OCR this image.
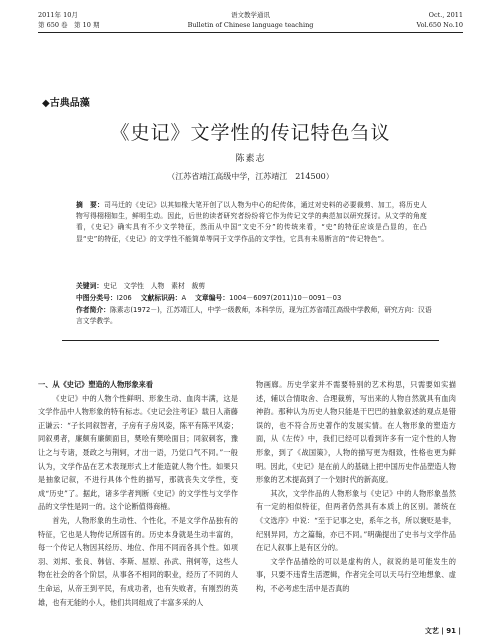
2011年 10月
第 650 卷　第 10 期
语文教学通讯
Bulletin of Chinese language teaching
Oct., 2011
Vol.650 No.10
◆古典品藻
《史记》文学性的传记特色刍议
陈素志
（江苏省靖江高级中学，江苏靖江　214500）
摘　要：司马迁的《史记》以其如椽大笔开创了以人物为中心的纪传体，通过对史料的必要裁剪、加工，将历史人物写得栩栩如生，鲜明生动。因此，后世的读者研究者纷纷将它作为传记文学的典范加以研究探讨。从文学的角度看，《史记》确实具有不少文学特征，然而从中国“文史不分”的传统来看，“史”的特征应该是凸显的，在凸显“史”的特征，《史记》的文学性不能简单等同于文学作品的文学性，它具有未易断言的“传记特色”。
关键词：史记　文学性　人物　素材　裁剪
中图分类号：I206　 文献标识码：A　 文章编号：1004－6097(2011)10－0091－03
作者简介：陈素志(1972－)，江苏靖江人，中学一级教师，本科学历，现为江苏省靖江高级中学教师，研究方向：汉语言文学教学。

一、从《史记》塑造的人物形象来看

《史记》中的人物个性鲜明、形象生动、血肉丰满，这是文学作品中人物形象的特有标志。《史记会注考证》载日人斋藤正谦云：“子长同叙智者，子房有子房风姿，陈平有陈平风姿；同叙勇者，廉颇有廉颇面目，樊哙有樊哙面目；同叙刺客，豫让之与专诸，聂政之与荆轲，才出一语，乃觉口气不同。”一般认为，文学作品在艺术表现形式上才能造就人物个性。如果只是抽象记叙，不进行具体个性的描写，那就丧失文学性，变成“历史”了。据此，诸多学者判断《史记》的文学性与文学作品的文学性是同一的。这个论断值得商榷。

首先，人物形象的生动性、个性化，不是文学作品独有的特征，它也是人物传记所固有的。历史本身就是生动丰富的，每一个传记人物因其经历、地位、作用不同而各具个性。如项羽、刘邦、张良、韩信、李斯、屈原、孙武、荆轲等，这些人物在社会的各个阶层，从事各不相同的职业，经历了不同的人生命运，从帝王到平民，有成功者，也有失败者，有刚烈的英雄，也有无能的小人，他们共同组成了丰富多采的人

物画廊。历史学家并不需要特别的艺术构思，只需要如实描述，辅以合情取舍、合理裁剪，写出来的人物自然就具有血肉神韵。那种认为历史人物只能是干巴巴的抽象叙述的观点是错误的，也不符合历史著作的发展实情。在人物形象的塑造方面，从《左传》中，我们已经可以看到许多有一定个性的人物形象，到了《战国策》，人物的描写更为细致，性格也更为鲜明。因此，《史记》是在前人的基础上把中国历史作品塑造人物形象的艺术提高到了一个划时代的新高度。

其次，文学作品的人物形象与《史记》中的人物形象虽然有一定的相似特征，但两者仍然具有本质上的区别。萧统在《文选序》中说：“至于记事之史，系年之书，所以褒贬是非，纪别异同，方之篇翰，亦已不同。”明确提出了史书与文学作品在记人叙事上是有区分的。

文学作品描绘的可以是虚构的人，叙说的是可能发生的事，只要不违背生活逻辑，作者完全可以天马行空地想象、虚构，不必考虑生活中是否真的

文艺 | 91 |
